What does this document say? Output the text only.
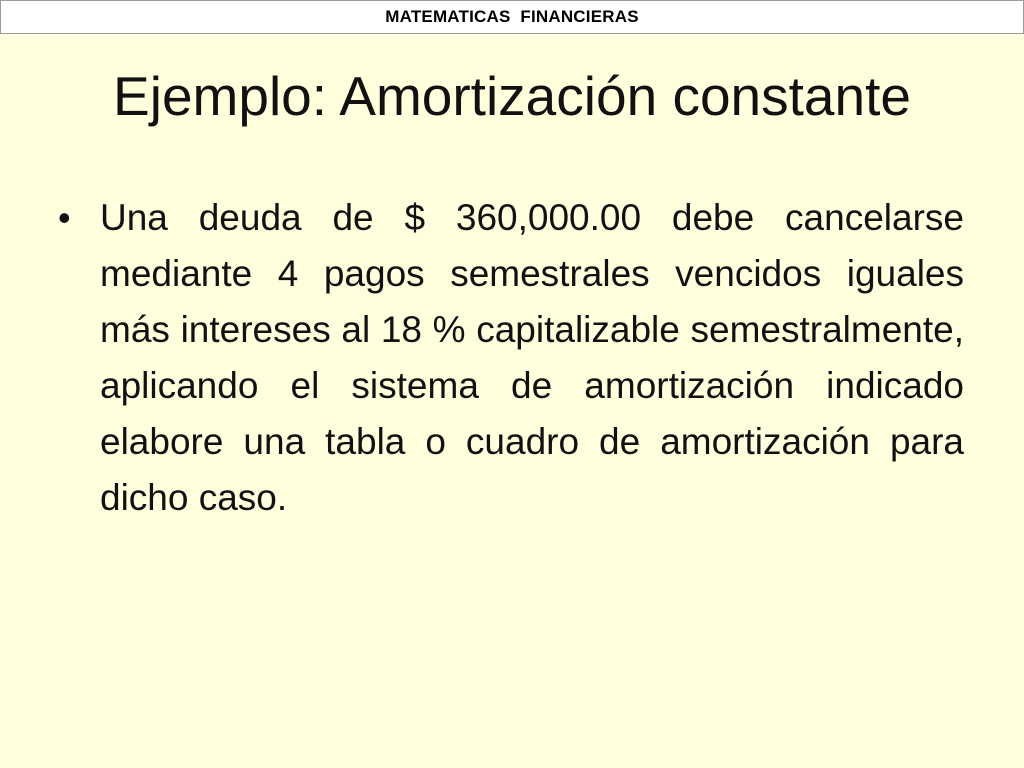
MATEMATICAS  FINANCIERAS
Ejemplo: Amortización constante
• Una deuda de $ 360,000.00 debe cancelarse mediante 4 pagos semestrales vencidos iguales más intereses al 18 % capitalizable semestralmente, aplicando el sistema de amortización indicado elabore una tabla o cuadro de amortización para dicho caso.
